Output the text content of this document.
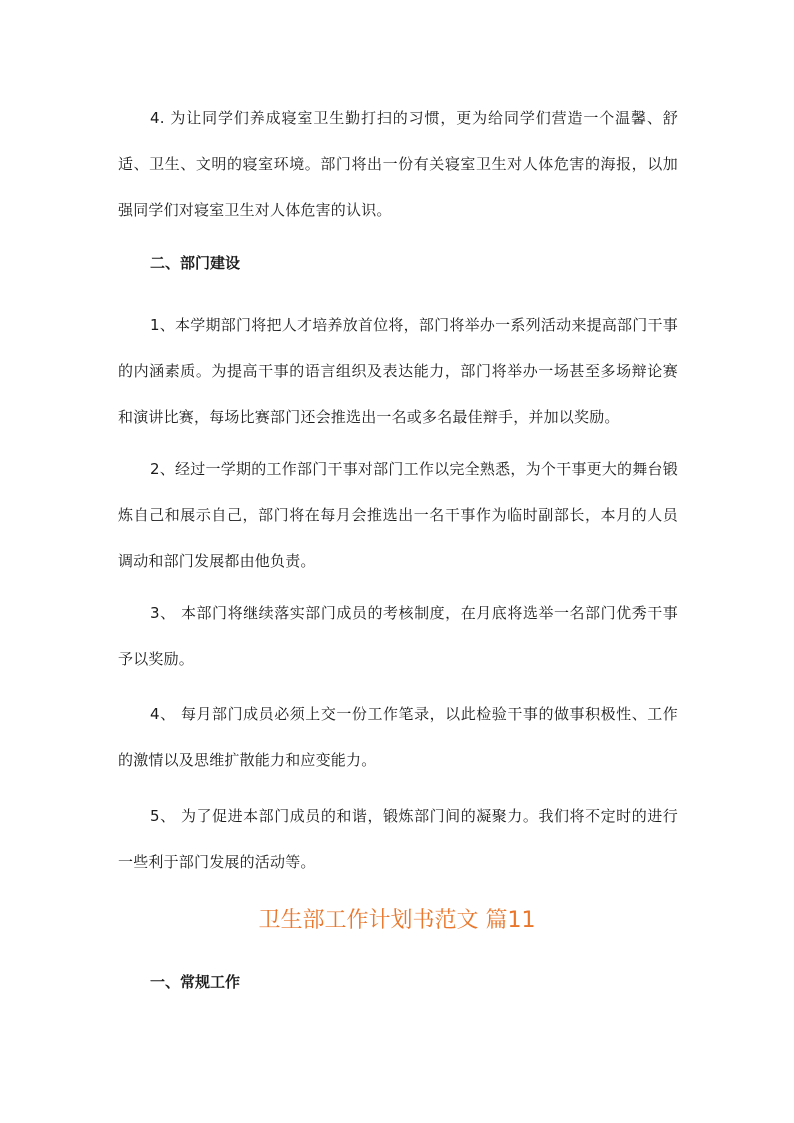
4. 为让同学们养成寝室卫生勤打扫的习惯，更为给同学们营造一个温馨、舒适、卫生、文明的寝室环境。部门将出一份有关寝室卫生对人体危害的海报，以加强同学们对寝室卫生对人体危害的认识。

二、部门建设

1、本学期部门将把人才培养放首位将，部门将举办一系列活动来提高部门干事的内涵素质。为提高干事的语言组织及表达能力，部门将举办一场甚至多场辩论赛和演讲比赛，每场比赛部门还会推选出一名或多名最佳辩手，并加以奖励。

2、经过一学期的工作部门干事对部门工作以完全熟悉，为个干事更大的舞台锻炼自己和展示自己，部门将在每月会推选出一名干事作为临时副部长，本月的人员调动和部门发展都由他负责。

3、 本部门将继续落实部门成员的考核制度，在月底将选举一名部门优秀干事予以奖励。

4、 每月部门成员必须上交一份工作笔录，以此检验干事的做事积极性、工作的激情以及思维扩散能力和应变能力。

5、 为了促进本部门成员的和谐，锻炼部门间的凝聚力。我们将不定时的进行一些利于部门发展的活动等。

卫生部工作计划书范文 篇11
一、常规工作
